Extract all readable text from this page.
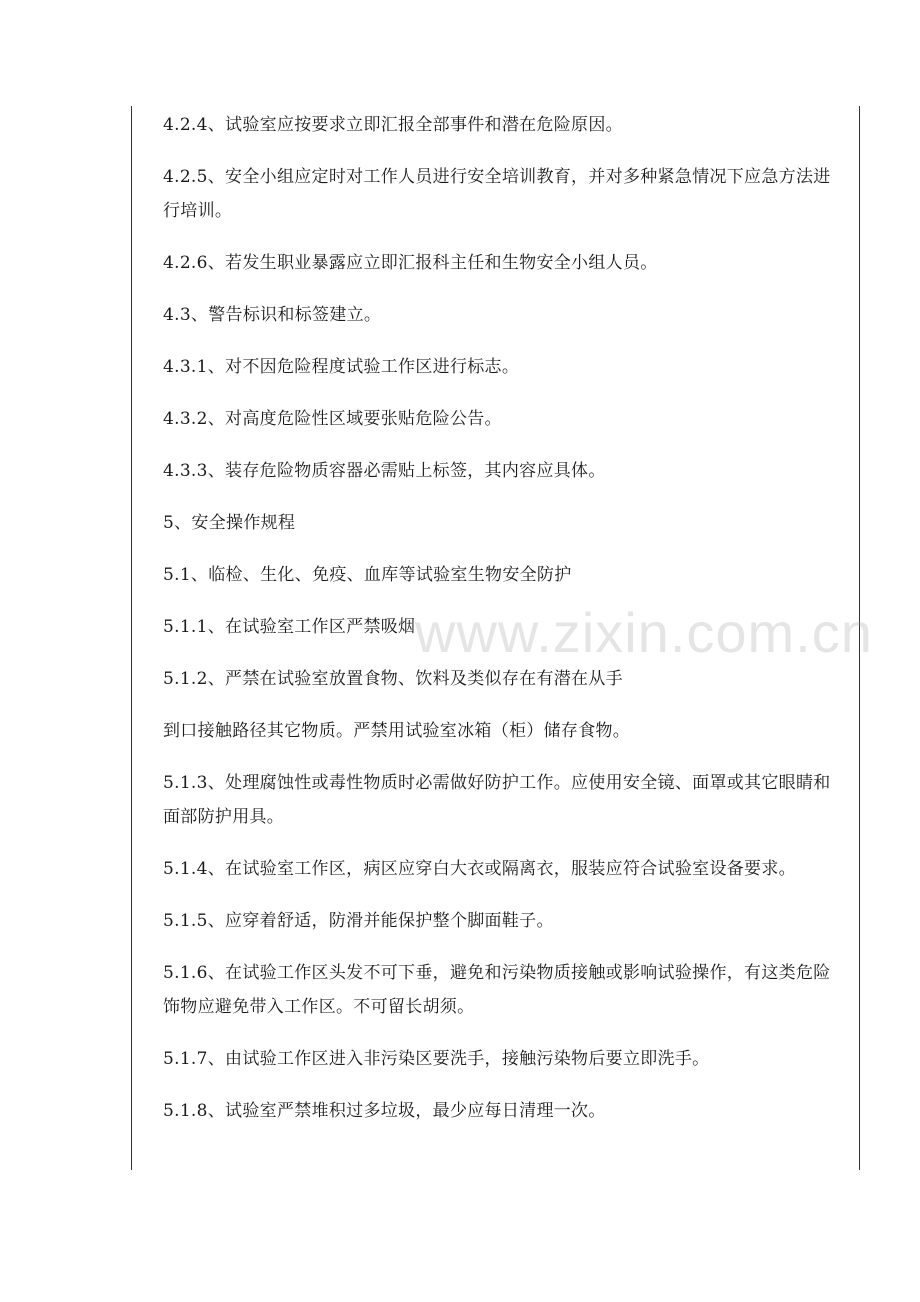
4.2.4、试验室应按要求立即汇报全部事件和潜在危险原因。

4.2.5、安全小组应定时对工作人员进行安全培训教育，并对多种紧急情况下应急方法进行培训。

4.2.6、若发生职业暴露应立即汇报科主任和生物安全小组人员。

4.3、警告标识和标签建立。

4.3.1、对不因危险程度试验工作区进行标志。

4.3.2、对高度危险性区域要张贴危险公告。

4.3.3、装存危险物质容器必需贴上标签，其内容应具体。

5、安全操作规程

5.1、临检、生化、免疫、血库等试验室生物安全防护

5.1.1、在试验室工作区严禁吸烟

5.1.2、严禁在试验室放置食物、饮料及类似存在有潜在从手

到口接触路径其它物质。严禁用试验室冰箱（柜）储存食物。

5.1.3、处理腐蚀性或毒性物质时必需做好防护工作。应使用安全镜、面罩或其它眼睛和面部防护用具。

5.1.4、在试验室工作区，病区应穿白大衣或隔离衣，服装应符合试验室设备要求。

5.1.5、应穿着舒适，防滑并能保护整个脚面鞋子。

5.1.6、在试验工作区头发不可下垂，避免和污染物质接触或影响试验操作，有这类危险饰物应避免带入工作区。不可留长胡须。

5.1.7、由试验工作区进入非污染区要洗手，接触污染物后要立即洗手。

5.1.8、试验室严禁堆积过多垃圾，最少应每日清理一次。

www.zixin.com.cn
